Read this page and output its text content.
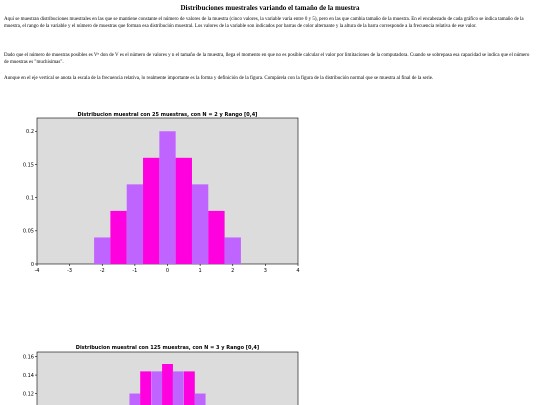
Distribuciones muestrales variando el tamaño de la muestra

Aquí se muestran distribuciones muestrales en las que se mantiene constante el número de valores de la muestra (cinco valores, la variable varía entre 0 y 5), pero en las que cambia tamaño de la muestra. En el encabezado de cada gráfico se indica tamaño de la muestra, el rango de la variable y el número de muestras que forman esa distribución muestral. Los valores de la variable son indicados por barras de color alternante y la altura de la barra corresponde a la frecuencia relativa de ese valor.

Dado que el número de muestras posibles es Vⁿ don de V es el número de valores y n el tamaño de la muestra, llega el momento en que no es posible calcular el valor por limitaciones de la computadora. Cuando se sobrepasa esa capacidad se indica que el número de muestras es "muchisimas".

Aunque en el eje vertical se anota la escala de la frecuencia relativa, lo realmente importante es la forma y definición de la figura. Compárela con la figura de la distribución normal que se muestra al final de la serie.

Distribucion muestral con 25 muestras, con N = 2 y Rango [0,4]
0
0.05
0.1
0.15
0.2
-4	-3	-2	-1	0	1	2	3	4
Distribucion muestral con 125 muestras, con N = 3 y Rango [0,4]
0.12
0.14
0.16
